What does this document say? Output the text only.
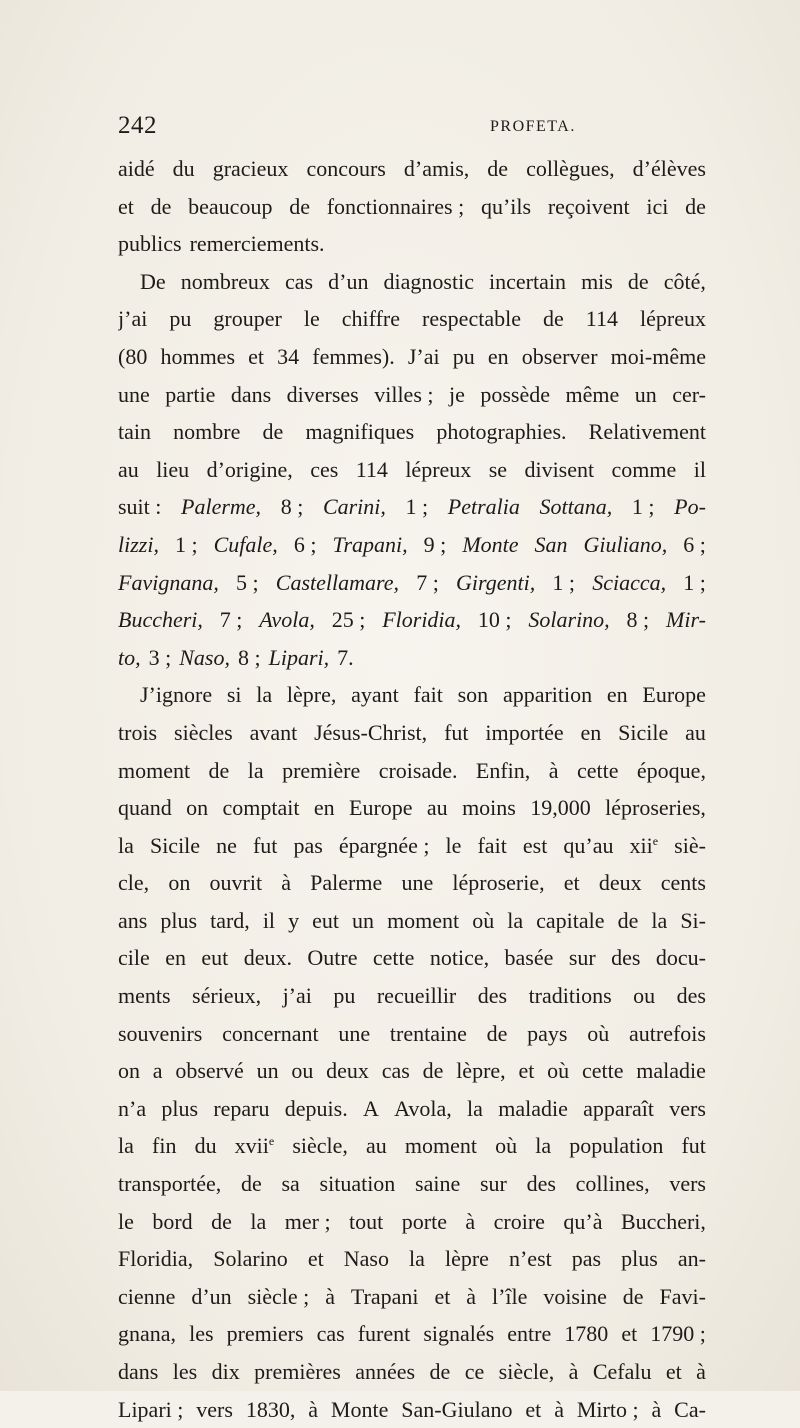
242	PROFETA.
aidé du gracieux concours d’amis, de collègues, d’élèves
et de beaucoup de fonctionnaires ; qu’ils reçoivent ici de
publics remerciements.
De nombreux cas d’un diagnostic incertain mis de côté,
j’ai pu grouper le chiffre respectable de 114 lépreux
(80 hommes et 34 femmes). J’ai pu en observer moi-même
une partie dans diverses villes ; je possède même un cer-
tain nombre de magnifiques photographies. Relativement
au lieu d’origine, ces 114 lépreux se divisent comme il
suit : Palerme, 8 ; Carini, 1 ; Petralia Sottana, 1 ; Po-
lizzi, 1 ; Cufale, 6 ; Trapani, 9 ; Monte San Giuliano, 6 ;
Favignana, 5 ; Castellamare, 7 ; Girgenti, 1 ; Sciacca, 1 ;
Buccheri, 7 ; Avola, 25 ; Floridia, 10 ; Solarino, 8 ; Mir-
to, 3 ; Naso, 8 ; Lipari, 7.
J’ignore si la lèpre, ayant fait son apparition en Europe
trois siècles avant Jésus-Christ, fut importée en Sicile au
moment de la première croisade. Enfin, à cette époque,
quand on comptait en Europe au moins 19,000 léproseries,
la Sicile ne fut pas épargnée ; le fait est qu’au xii$^e$ siè-
cle, on ouvrit à Palerme une léproserie, et deux cents
ans plus tard, il y eut un moment où la capitale de la Si-
cile en eut deux. Outre cette notice, basée sur des docu-
ments sérieux, j’ai pu recueillir des traditions ou des
souvenirs concernant une trentaine de pays où autrefois
on a observé un ou deux cas de lèpre, et où cette maladie
n’a plus reparu depuis. A Avola, la maladie apparaît vers
la fin du xvii$^e$ siècle, au moment où la population fut
transportée, de sa situation saine sur des collines, vers
le bord de la mer ; tout porte à croire qu’à Buccheri,
Floridia, Solarino et Naso la lèpre n’est pas plus an-
cienne d’un siècle ; à Trapani et à l’île voisine de Favi-
gnana, les premiers cas furent signalés entre 1780 et 1790 ;
dans les dix premières années de ce siècle, à Cefalu et à
Lipari ; vers 1830, à Monte San-Giulano et à Mirto ; à Ca-
